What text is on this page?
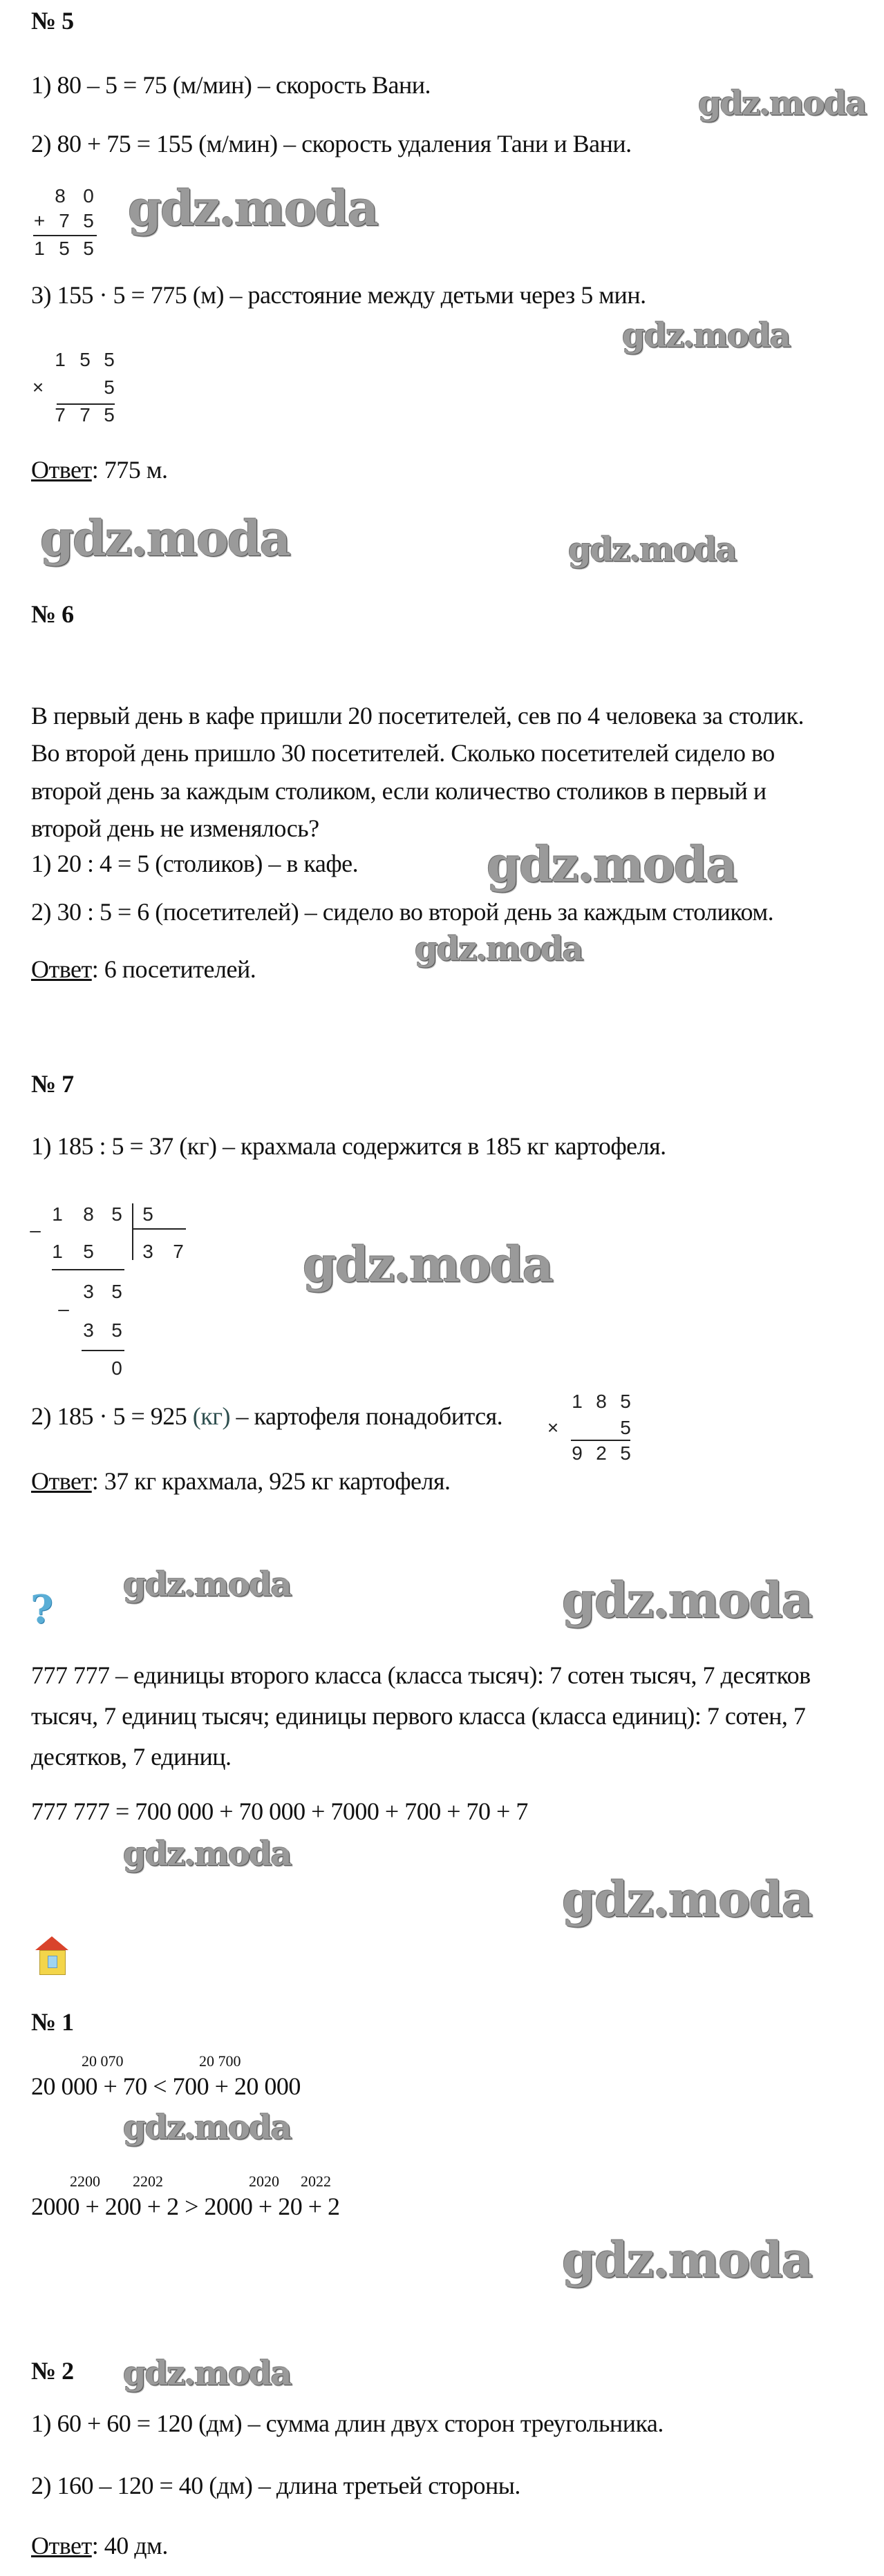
№ 5
1) 80 – 5 = 75 (м/мин) – скорость Вани.
2) 80 + 75 = 155 (м/мин) – скорость удаления Тани и Вани.
8 0
+ 7 5
1 5 5
3) 155 · 5 = 775 (м) – расстояние между детьми через 5 мин.
1 5 5
×	5
7 7 5
Ответ: 775 м.
№ 6
В первый день в кафе пришли 20 посетителей, сев по 4 человека за столик.
Во второй день пришло 30 посетителей. Сколько посетителей сидело во
второй день за каждым столиком, если количество столиков в первый и
второй день не изменялось?
1) 20 : 4 = 5 (столиков) – в кафе.
2) 30 : 5 = 6 (посетителей) – сидело во второй день за каждым столиком.
Ответ: 6 посетителей.
№ 7
1) 185 : 5 = 37 (кг) – крахмала содержится в 185 кг картофеля.
1 8 5 5
–
1 5	3 7
3 5
–
3 5
0
2) 185 · 5 = 925 (кг) – картофеля понадобится.
1 8 5
×	5
9 2 5
Ответ: 37 кг крахмала, 925 кг картофеля.
?
777 777 – единицы второго класса (класса тысяч): 7 сотен тысяч, 7 десятков
тысяч, 7 единиц тысяч; единицы первого класса (класса единиц): 7 сотен, 7
десятков, 7 единиц.
777 777 = 700 000 + 70 000 + 7000 + 700 + 70 + 7
№ 1
20 070	20 700
20 000 + 70 < 700 + 20 000
2200 2202	2020 2022
2000 + 200 + 2 > 2000 + 20 + 2
№ 2
1) 60 + 60 = 120 (дм) – сумма длин двух сторон треугольника.
2) 160 – 120 = 40 (дм) – длина третьей стороны.
Ответ: 40 дм.
gdz.moda
gdz.moda
gdz.moda
gdz.moda	gdz.moda
gdz.moda
gdz.moda
gdz.moda
gdz.moda	gdz.moda
gdz.moda
gdz.moda
gdz.moda
gdz.moda
gdz.moda
